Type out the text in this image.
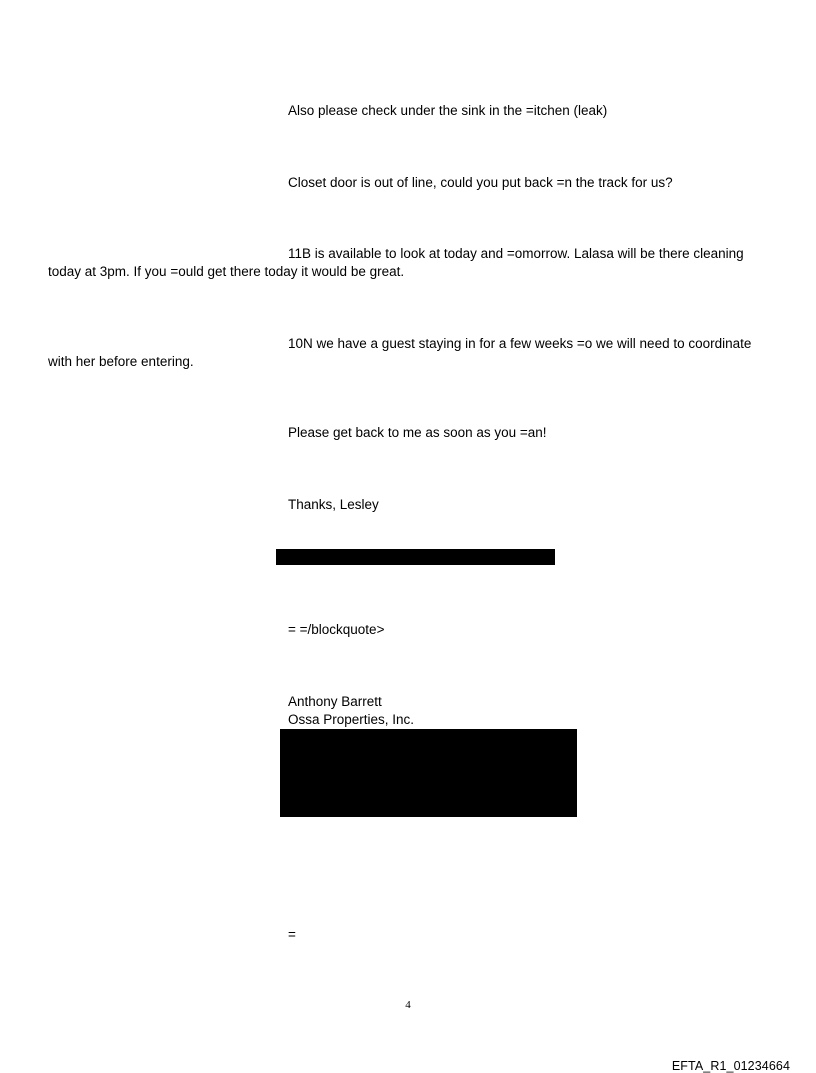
Also please check under the sink in the =itchen (leak)
Closet door is out of line, could you put back =n the track for us?
11B is available to look at today and =omorrow. Lalasa will be there cleaning
today at 3pm. If you =ould get there today it would be great.
10N we have a guest staying in for a few weeks =o we will need to coordinate
with her before entering.
Please get back to me as soon as you =an!
Thanks, Lesley
= =/blockquote>
Anthony Barrett
Ossa Properties, Inc.
=
4
EFTA_R1_01234664
